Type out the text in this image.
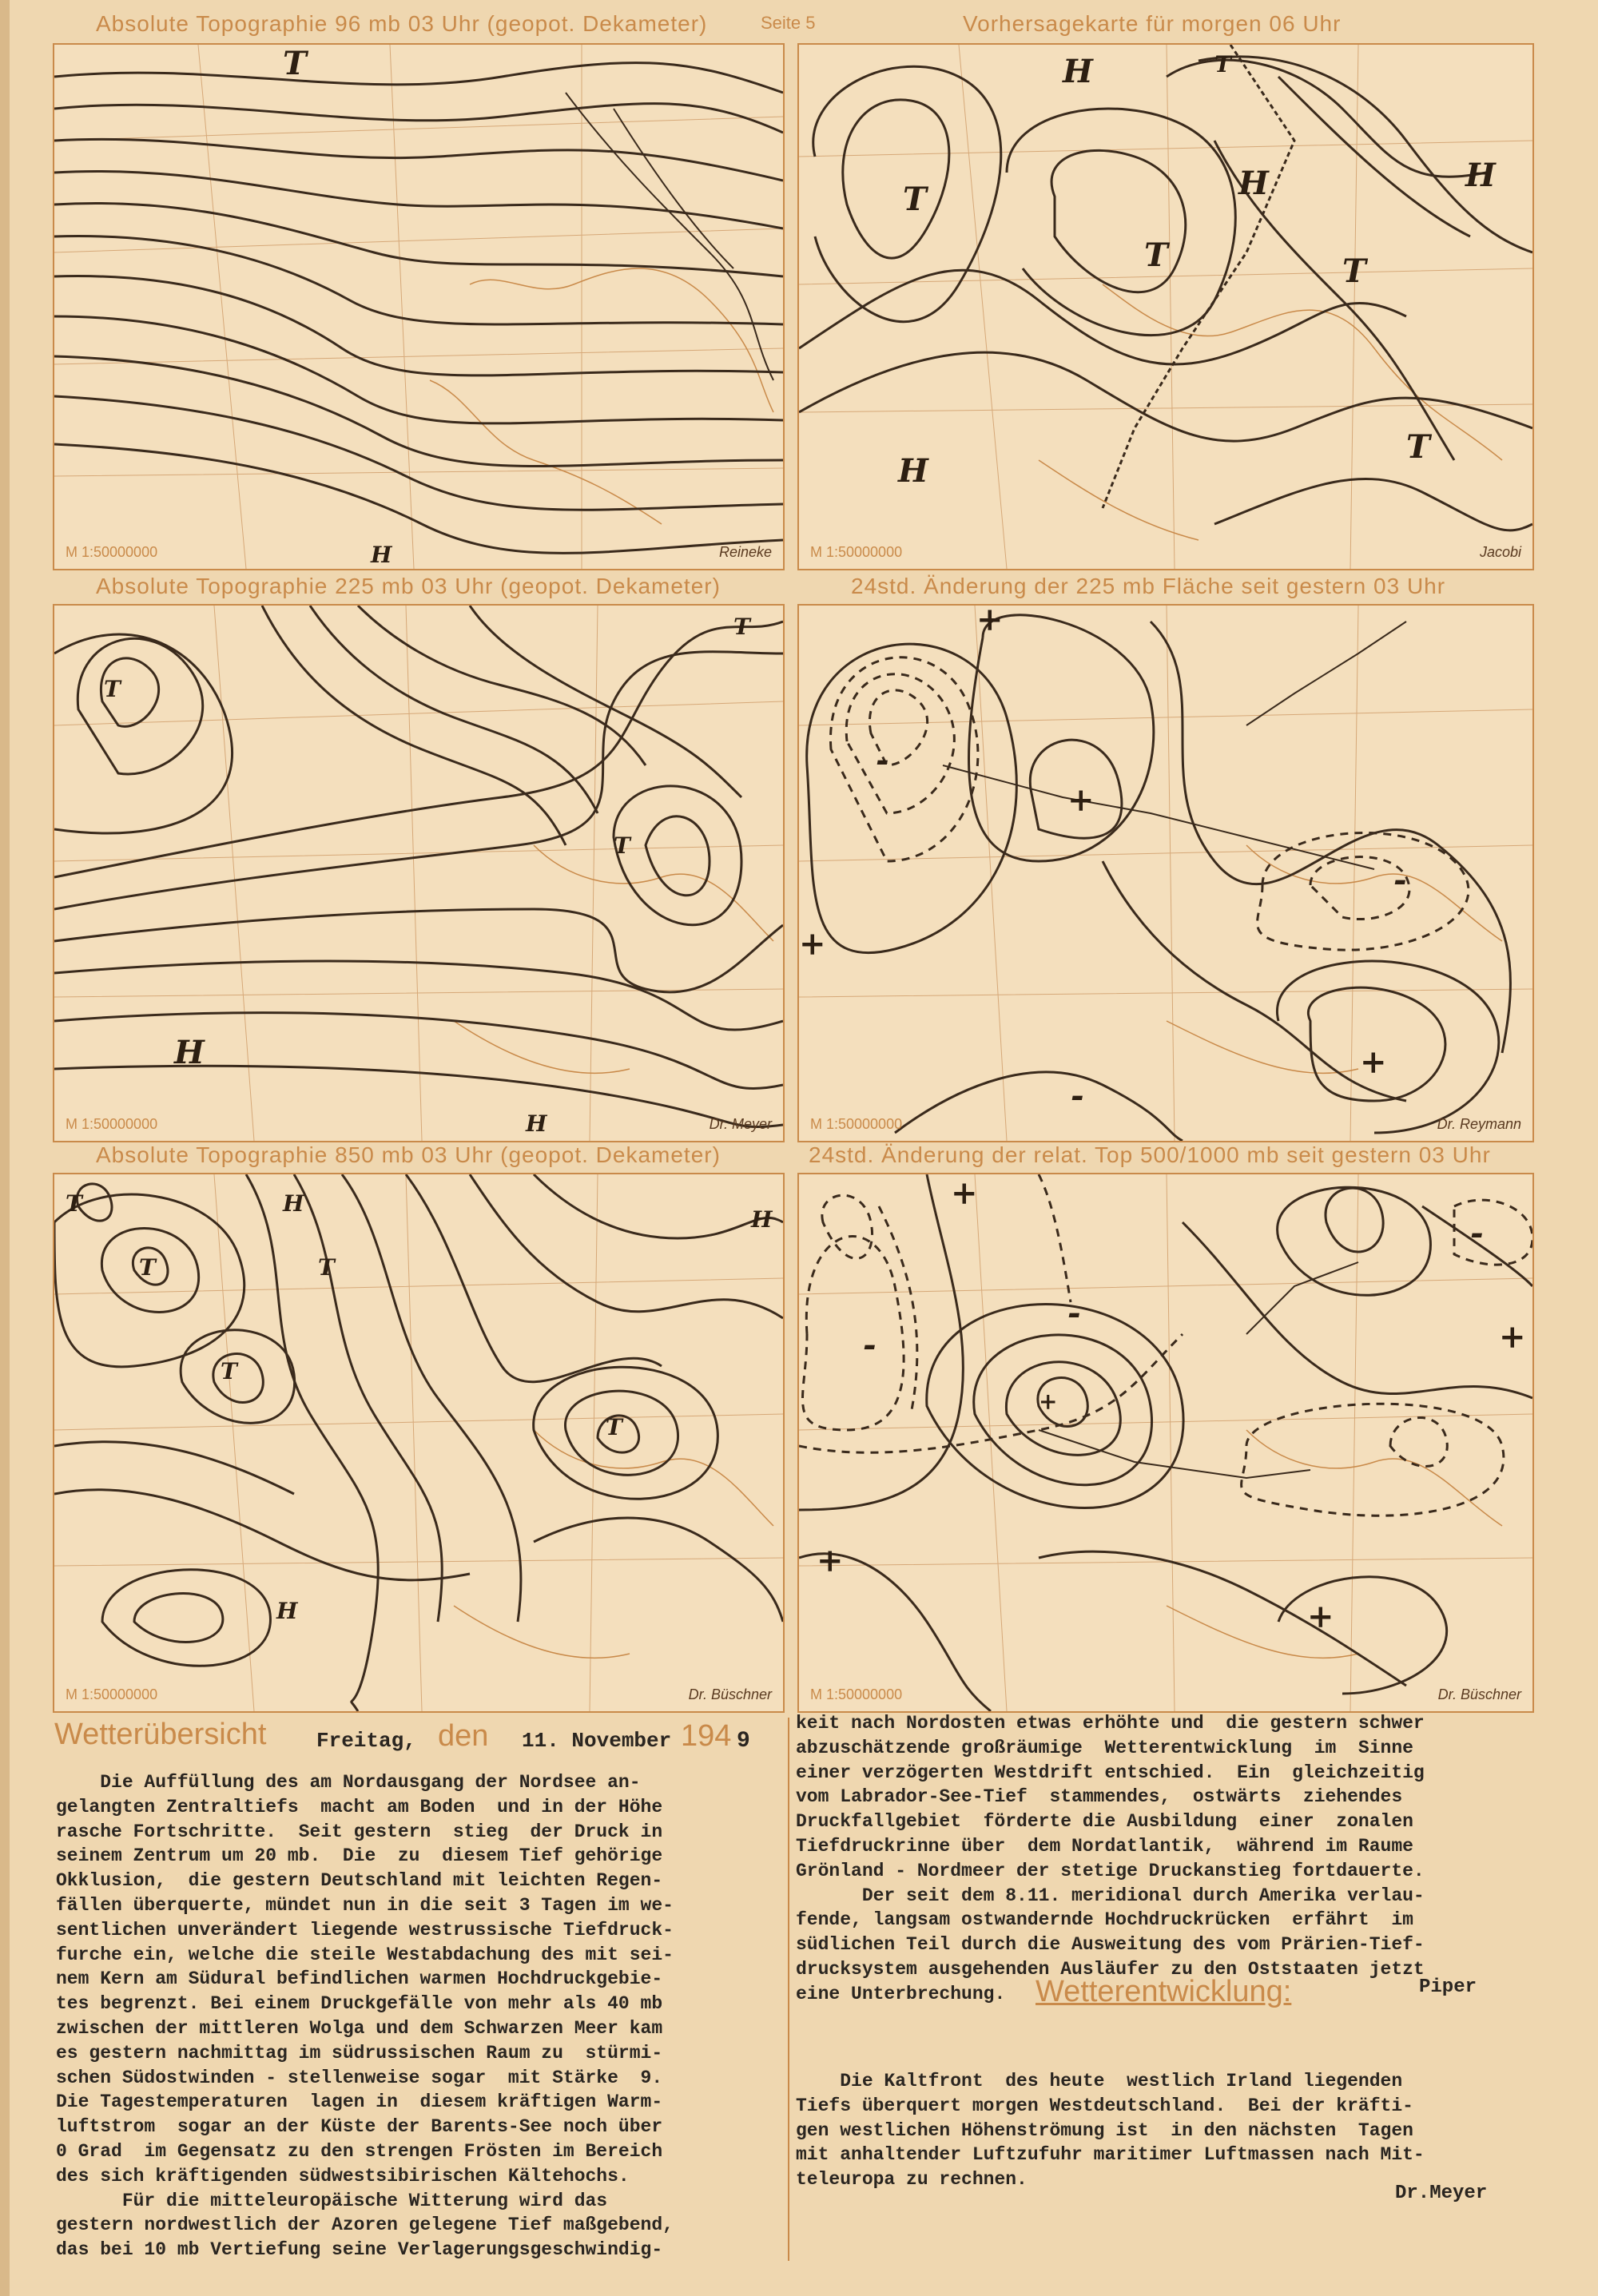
Seite 5
Absolute Topographie 96 mb 03 Uhr (geopot. Dekameter)	Vorhersagekarte für morgen 06 Uhr
Absolute Topographie 225 mb 03 Uhr (geopot. Dekameter)	24std. Änderung der 225 mb Fläche seit gestern 03 Uhr
Absolute Topographie 850 mb 03 Uhr (geopot. Dekameter)	24std. Änderung der relat. Top 500/1000 mb seit gestern 03 Uhr
T
H
M 1:50000000	Reineke
H
T
T
H	H
T
T
H
T
M 1:50000000	Jacobi
T
H
T
T
H
M 1:50000000	Dr. Meyer
+
-
+
-
+
+
-
M 1:50000000	Dr. Reymann
T	H
T
T
T
T
H
H
M 1:50000000	Dr. Büschner
-
+
-
+
-
+
+
+
M 1:50000000	Dr. Büschner
Wetterübersicht Freitag, den 11. November 194 9
Die Auffüllung des am Nordausgang der Nordsee an-
gelangten Zentraltiefs  macht am Boden  und in der Höhe
rasche Fortschritte.  Seit gestern  stieg  der Druck in
seinem Zentrum um 20 mb.  Die  zu  diesem Tief gehörige
Okklusion,  die gestern Deutschland mit leichten Regen-
fällen überquerte, mündet nun in die seit 3 Tagen im we-
sentlichen unverändert liegende westrussische Tiefdruck-
furche ein, welche die steile Westabdachung des mit sei-
nem Kern am Südural befindlichen warmen Hochdruckgebie-
tes begrenzt. Bei einem Druckgefälle von mehr als 40 mb
zwischen der mittleren Wolga und dem Schwarzen Meer kam
es gestern nachmittag im südrussischen Raum zu  stürmi-
schen Südostwinden - stellenweise sogar  mit Stärke  9.
Die Tagestemperaturen  lagen in  diesem kräftigen Warm-
luftstrom  sogar an der Küste der Barents-See noch über
0 Grad  im Gegensatz zu den strengen Frösten im Bereich
des sich kräftigenden südwestsibirischen Kältehochs.
Für die mitteleuropäische Witterung wird das
gestern nordwestlich der Azoren gelegene Tief maßgebend,
das bei 10 mb Vertiefung seine Verlagerungsgeschwindig-
keit nach Nordosten etwas erhöhte und  die gestern schwer
abzuschätzende großräumige  Wetterentwicklung  im  Sinne
einer verzögerten Westdrift entschied.  Ein  gleichzeitig
vom Labrador-See-Tief  stammendes,  ostwärts  ziehendes
Druckfallgebiet  förderte die Ausbildung  einer  zonalen
Tiefdruckrinne über  dem Nordatlantik,  während im Raume
Grönland - Nordmeer der stetige Druckanstieg fortdauerte.
Der seit dem 8.11. meridional durch Amerika verlau-
fende, langsam ostwandernde Hochdruckrücken  erfährt  im
südlichen Teil durch die Ausweitung des vom Prärien-Tief-
drucksystem ausgehenden Ausläufer zu den Oststaaten jetzt
eine Unterbrechung.	Piper
Wetterentwicklung:
Die Kaltfront  des heute  westlich Irland liegenden
Tiefs überquert morgen Westdeutschland.  Bei der kräfti-
gen westlichen Höhenströmung ist  in den nächsten  Tagen
mit anhaltender Luftzufuhr maritimer Luftmassen nach Mit-
teleuropa zu rechnen.
Dr.Meyer
